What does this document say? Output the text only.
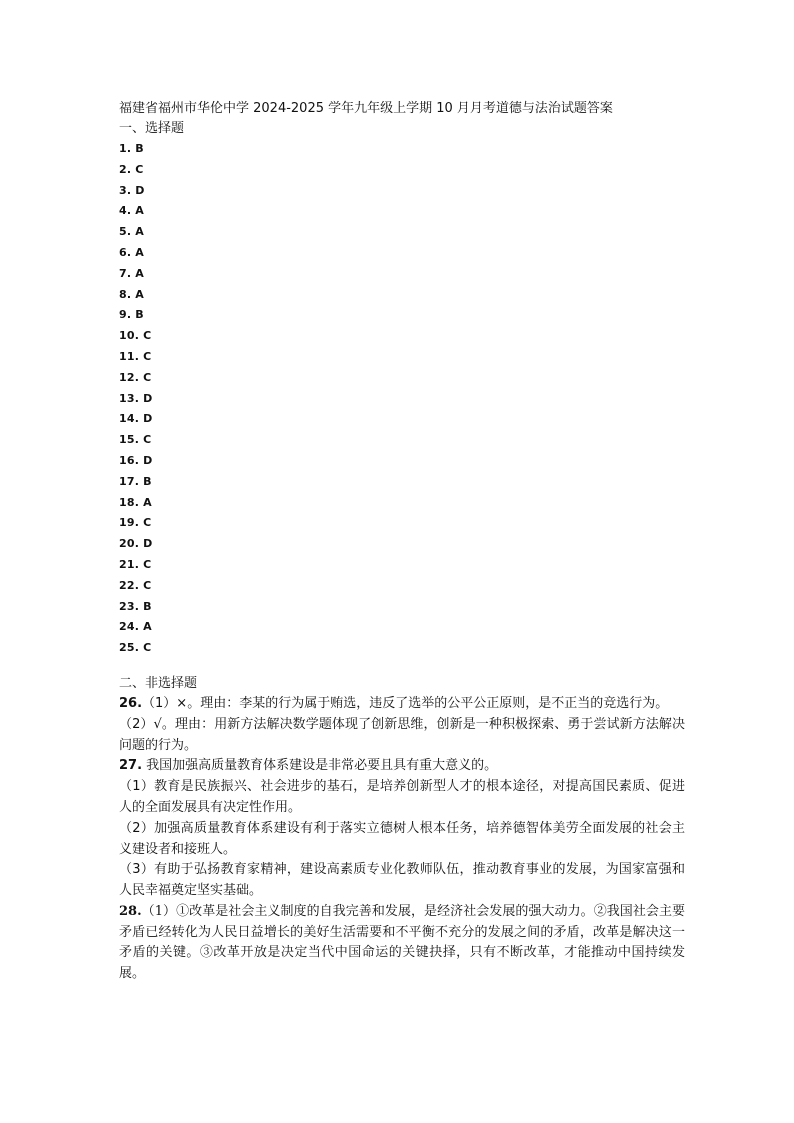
福建省福州市华伦中学 2024-2025 学年九年级上学期 10 月月考道德与法治试题答案

一、选择题

1. B
2. C
3. D
4. A
5. A
6. A
7. A
8. A
9. B
10. C
11. C
12. C
13. D
14. D
15. C
16. D
17. B
18. A
19. C
20. D
21. C
22. C
23. B
24. A
25. C

二、非选择题

26.（1）×。理由：李某的行为属于贿选，违反了选举的公平公正原则，是不正当的竞选行为。

（2）√。理由：用新方法解决数学题体现了创新思维，创新是一种积极探索、勇于尝试新方法解决问题的行为。

27. 我国加强高质量教育体系建设是非常必要且具有重大意义的。

（1）教育是民族振兴、社会进步的基石，是培养创新型人才的根本途径，对提高国民素质、促进人的全面发展具有决定性作用。

（2）加强高质量教育体系建设有利于落实立德树人根本任务，培养德智体美劳全面发展的社会主义建设者和接班人。

（3）有助于弘扬教育家精神，建设高素质专业化教师队伍，推动教育事业的发展，为国家富强和人民幸福奠定坚实基础。

28.（1）①改革是社会主义制度的自我完善和发展，是经济社会发展的强大动力。②我国社会主要矛盾已经转化为人民日益增长的美好生活需要和不平衡不充分的发展之间的矛盾，改革是解决这一矛盾的关键。③改革开放是决定当代中国命运的关键抉择，只有不断改革，才能推动中国持续发展。
